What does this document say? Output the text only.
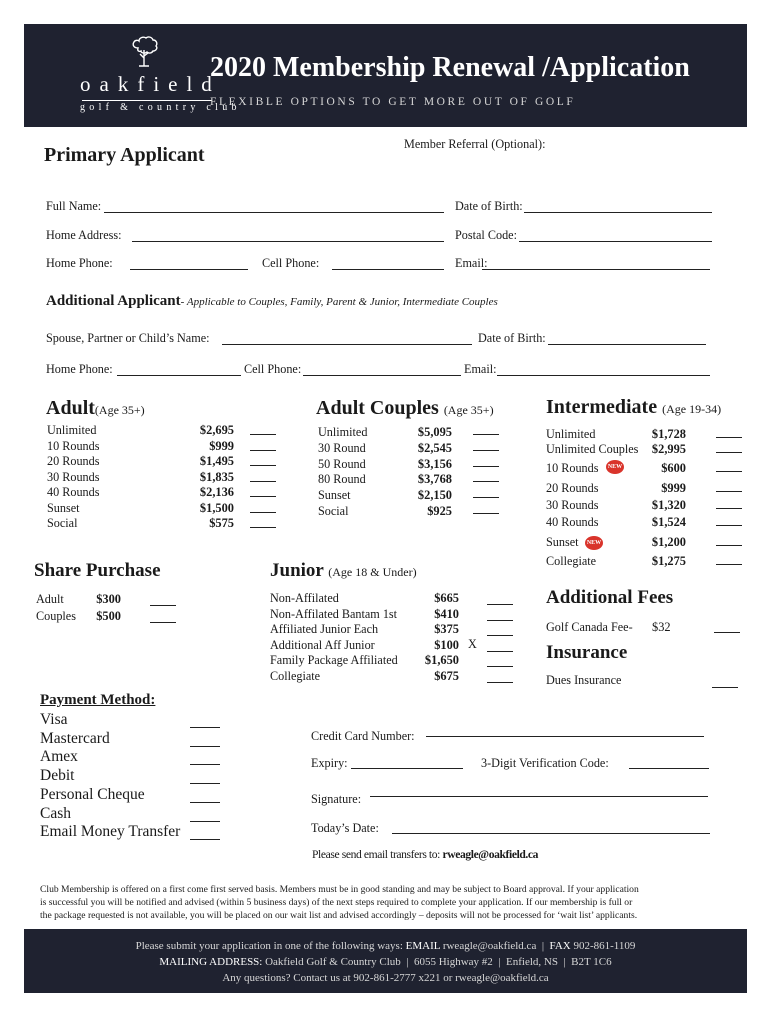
oakfield
golf & country club
2020 Membership Renewal /Application
FLEXIBLE OPTIONS TO GET MORE OUT OF GOLF
Primary Applicant	Member Referral (Optional):
Full Name:	Date of Birth:
Home Address:	Postal Code:
Home Phone:	Cell Phone:	Email:
Additional Applicant- Applicable to Couples, Family, Parent & Junior, Intermediate Couples
Spouse, Partner or Child’s Name:	Date of Birth:
Home Phone:	Cell Phone:	Email:
Adult(Age 35+)
Unlimited	$2,695
10 Rounds	$999
20 Rounds	$1,495
30 Rounds	$1,835
40 Rounds	$2,136
Sunset	$1,500
Social	$575
Adult Couples (Age 35+)
Unlimited	$5,095
30 Round	$2,545
50 Round	$3,156
80 Round	$3,768
Sunset	$2,150
Social	$925
Intermediate (Age 19-34)
Unlimited	$1,728
Unlimited Couples $2,995
10 Rounds	$600
20 Rounds	$999
30 Rounds	$1,320
40 Rounds	$1,524
Sunset	$1,200
Collegiate	$1,275
NEW
NEW
Share Purchase
Adult	$300
Couples $500
Junior (Age 18 & Under)
Non-Affilated	$665
Non-Affilated Bantam 1st	$410
Affiliated Junior Each	$375
Additional Aff Junior	$100
Family Package Affiliated $1,650
Collegiate	$675
X
Additional Fees
Golf Canada Fee- $32
Insurance
Dues Insurance
Payment Method:
Visa
Mastercard
Amex
Debit
Personal Cheque
Cash
Email Money Transfer
Credit Card Number:
Expiry:	3-Digit Verification Code:
Signature:
Today’s Date:
Please send email transfers to: rweagle@oakfield.ca
Club Membership is offered on a first come first served basis. Members must be in good standing and may be subject to Board approval. If your application
is successful you will be notified and advised (within 5 business days) of the next steps required to complete your application. If our membership is full or
the package requested is not available, you will be placed on our wait list and advised accordingly – deposits will not be processed for ‘wait list’ applicants.
Please submit your application in one of the following ways: EMAIL rweagle@oakfield.ca | FAX 902-861-1109
MAILING ADDRESS: Oakfield Golf & Country Club | 6055 Highway #2 | Enfield, NS | B2T 1C6
Any questions? Contact us at 902-861-2777 x221 or rweagle@oakfield.ca
